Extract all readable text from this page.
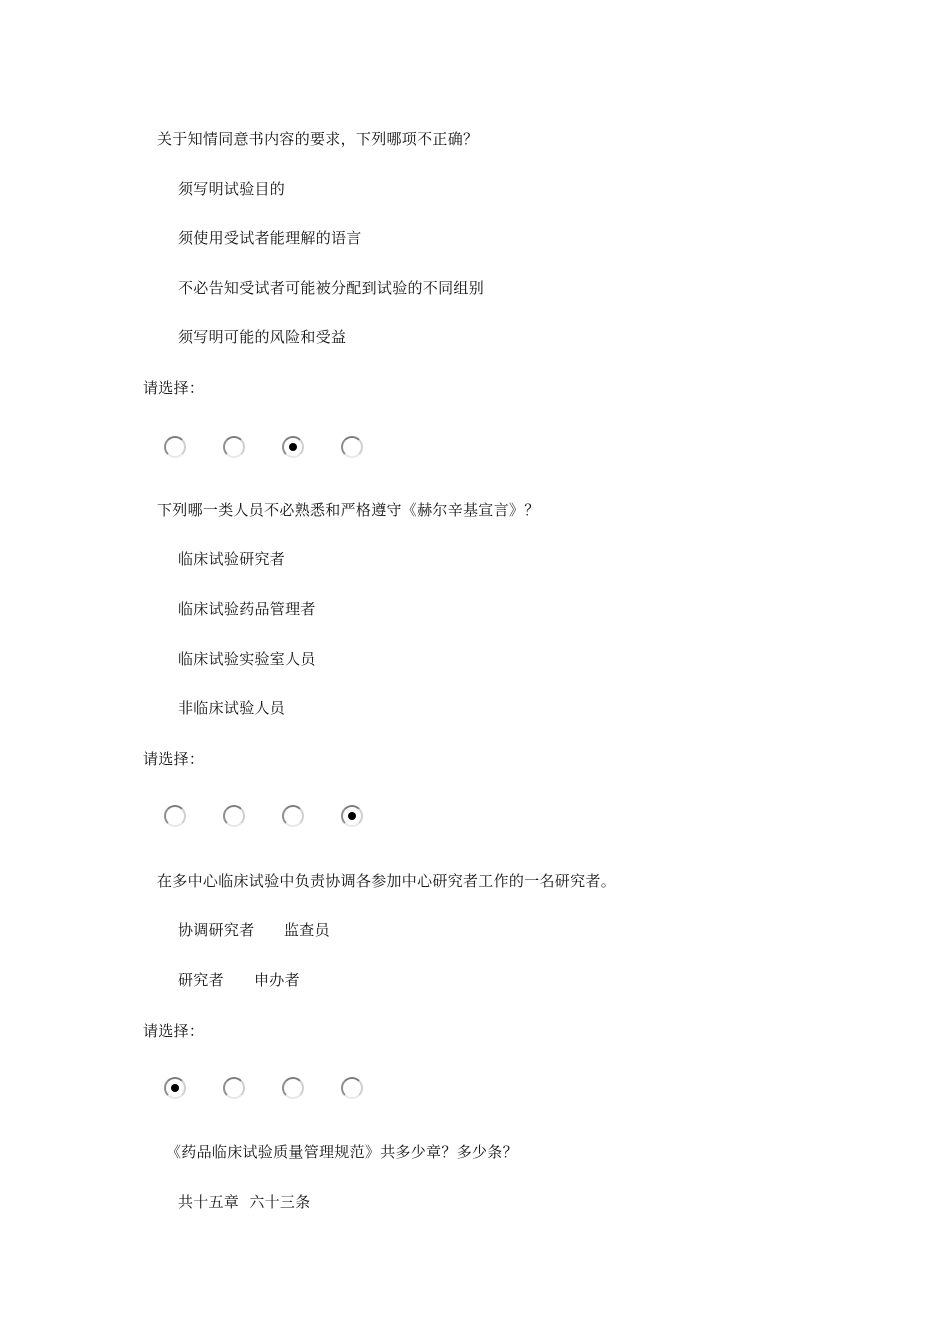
关于知情同意书内容的要求，下列哪项不正确？
须写明试验目的
须使用受试者能理解的语言
不必告知受试者可能被分配到试验的不同组别
须写明可能的风险和受益
请选择：
下列哪一类人员不必熟悉和严格遵守《赫尔辛基宣言》？
临床试验研究者
临床试验药品管理者
临床试验实验室人员
非临床试验人员
请选择：
在多中心临床试验中负责协调各参加中心研究者工作的一名研究者。
协调研究者 监查员
研究者 申办者
请选择：
《药品临床试验质量管理规范》共多少章？多少条？
共十五章  六十三条
